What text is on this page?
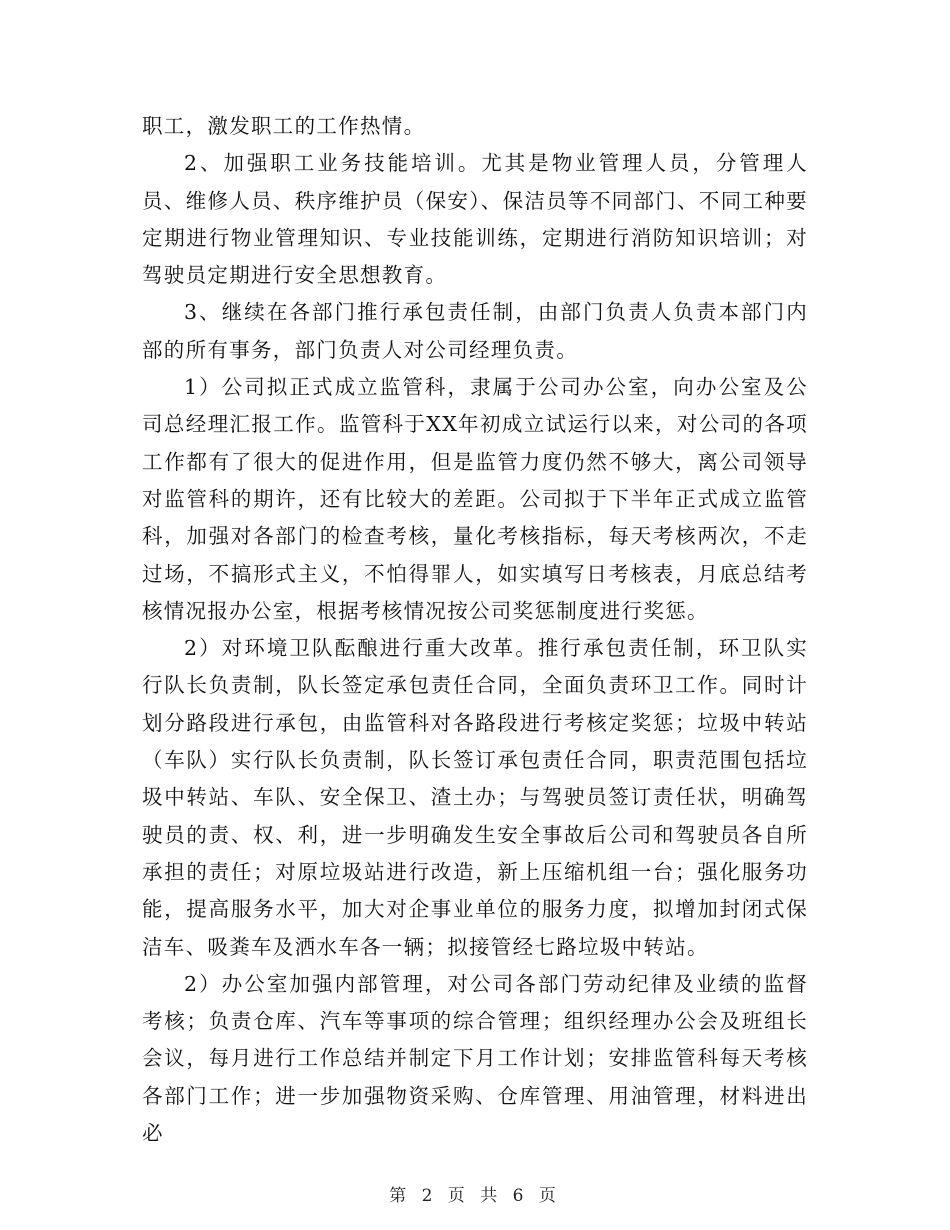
职工，激发职工的工作热情。

2、加强职工业务技能培训。尤其是物业管理人员，分管理人员、维修人员、秩序维护员（保安）、保洁员等不同部门、不同工种要定期进行物业管理知识、专业技能训练，定期进行消防知识培训；对驾驶员定期进行安全思想教育。

3、继续在各部门推行承包责任制，由部门负责人负责本部门内部的所有事务，部门负责人对公司经理负责。

1）公司拟正式成立监管科，隶属于公司办公室，向办公室及公司总经理汇报工作。监管科于XX年初成立试运行以来，对公司的各项工作都有了很大的促进作用，但是监管力度仍然不够大，离公司领导对监管科的期许，还有比较大的差距。公司拟于下半年正式成立监管科，加强对各部门的检查考核，量化考核指标，每天考核两次，不走过场，不搞形式主义，不怕得罪人，如实填写日考核表，月底总结考核情况报办公室，根据考核情况按公司奖惩制度进行奖惩。

2）对环境卫队酝酿进行重大改革。推行承包责任制，环卫队实行队长负责制，队长签定承包责任合同，全面负责环卫工作。同时计划分路段进行承包，由监管科对各路段进行考核定奖惩；垃圾中转站（车队）实行队长负责制，队长签订承包责任合同，职责范围包括垃圾中转站、车队、安全保卫、渣土办；与驾驶员签订责任状，明确驾驶员的责、权、利，进一步明确发生安全事故后公司和驾驶员各自所承担的责任；对原垃圾站进行改造，新上压缩机组一台；强化服务功能，提高服务水平，加大对企事业单位的服务力度，拟增加封闭式保洁车、吸粪车及洒水车各一辆；拟接管经七路垃圾中转站。

2）办公室加强内部管理，对公司各部门劳动纪律及业绩的监督考核；负责仓库、汽车等事项的综合管理；组织经理办公会及班组长会议，每月进行工作总结并制定下月工作计划；安排监管科每天考核各部门工作；进一步加强物资采购、仓库管理、用油管理，材料进出必

第 2 页 共 6 页
